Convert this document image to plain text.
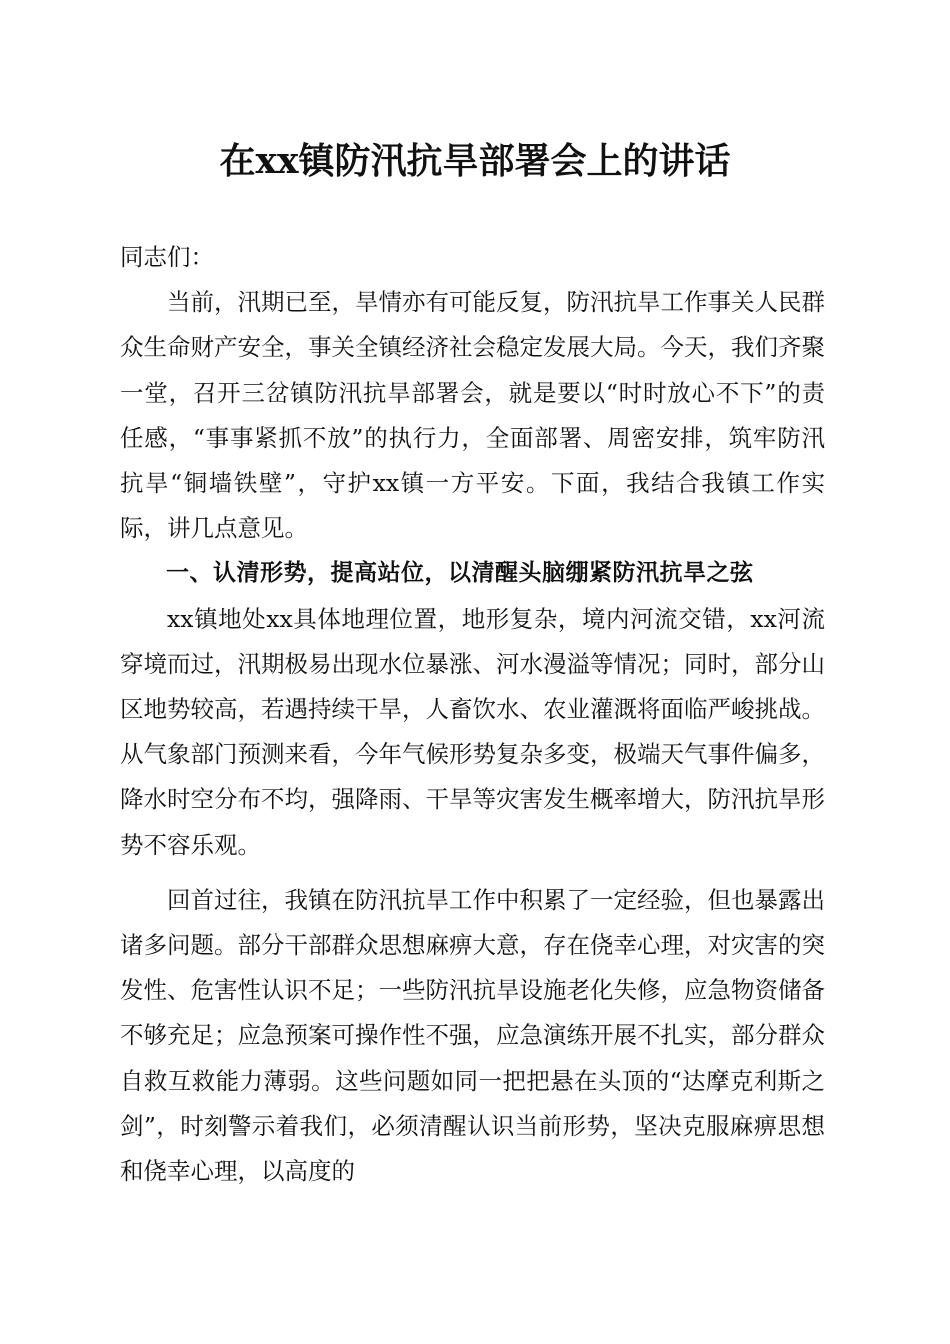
在xx镇防汛抗旱部署会上的讲话

同志们：

当前，汛期已至，旱情亦有可能反复，防汛抗旱工作事关人民群众生命财产安全，事关全镇经济社会稳定发展大局。今天，我们齐聚一堂，召开三岔镇防汛抗旱部署会，就是要以“时时放心不下”的责任感，“事事紧抓不放”的执行力，全面部署、周密安排，筑牢防汛抗旱“铜墙铁壁”，守护xx镇一方平安。下面，我结合我镇工作实际，讲几点意见。

一、认清形势，提高站位，以清醒头脑绷紧防汛抗旱之弦

xx镇地处xx具体地理位置，地形复杂，境内河流交错，xx河流穿境而过，汛期极易出现水位暴涨、河水漫溢等情况；同时，部分山区地势较高，若遇持续干旱，人畜饮水、农业灌溉将面临严峻挑战。从气象部门预测来看，今年气候形势复杂多变，极端天气事件偏多，降水时空分布不均，强降雨、干旱等灾害发生概率增大，防汛抗旱形势不容乐观。

回首过往，我镇在防汛抗旱工作中积累了一定经验，但也暴露出诸多问题。部分干部群众思想麻痹大意，存在侥幸心理，对灾害的突发性、危害性认识不足；一些防汛抗旱设施老化失修，应急物资储备不够充足；应急预案可操作性不强，应急演练开展不扎实，部分群众自救互救能力薄弱。这些问题如同一把把悬在头顶的“达摩克利斯之剑”，时刻警示着我们，必须清醒认识当前形势，坚决克服麻痹思想和侥幸心理，以高度的
